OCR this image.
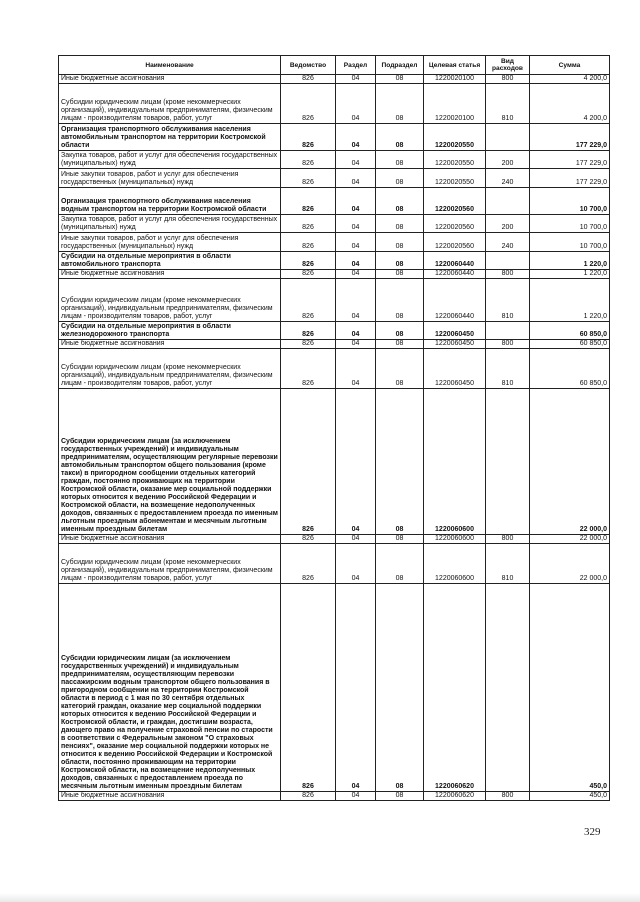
Наименование	Ведомство	Раздел	Подраздел	Целевая статья	Вид расходов	Сумма
Иные бюджетные ассигнования	826	04	08	1220020100	800	4 200,0
Субсидии юридическим лицам (кроме некоммерческих организаций), индивидуальным предпринимателям, физическим лицам - производителям товаров, работ, услуг	826	04	08	1220020100	810	4 200,0
Организация транспортного обслуживания населения автомобильным транспортом на территории Костромской области	826	04	08	1220020550		177 229,0
Закупка товаров, работ и услуг для обеспечения государственных (муниципальных) нужд	826	04	08	1220020550	200	177 229,0
Иные закупки товаров, работ и услуг для обеспечения государственных (муниципальных) нужд	826	04	08	1220020550	240	177 229,0
Организация транспортного обслуживания населения водным транспортом на территории Костромской области	826	04	08	1220020560		10 700,0
Закупка товаров, работ и услуг для обеспечения государственных (муниципальных) нужд	826	04	08	1220020560	200	10 700,0
Иные закупки товаров, работ и услуг для обеспечения государственных (муниципальных) нужд	826	04	08	1220020560	240	10 700,0
Субсидии на отдельные мероприятия в области автомобильного транспорта	826	04	08	1220060440		1 220,0
Иные бюджетные ассигнования	826	04	08	1220060440	800	1 220,0
Субсидии юридическим лицам (кроме некоммерческих организаций), индивидуальным предпринимателям, физическим лицам - производителям товаров, работ, услуг	826	04	08	1220060440	810	1 220,0
Субсидии на отдельные мероприятия в области железнодорожного транспорта	826	04	08	1220060450		60 850,0
Иные бюджетные ассигнования	826	04	08	1220060450	800	60 850,0
Субсидии юридическим лицам (кроме некоммерческих организаций), индивидуальным предпринимателям, физическим лицам - производителям товаров, работ, услуг	826	04	08	1220060450	810	60 850,0
Субсидии юридическим лицам (за исключением государственных учреждений) и индивидуальным предпринимателям, осуществляющим регулярные перевозки автомобильным транспортом общего пользования (кроме такси) в пригородном сообщении отдельных категорий граждан, постоянно проживающих на территории Костромской области, оказание мер социальной поддержки которых относится к ведению Российской Федерации и Костромской области, на возмещение недополученных доходов, связанных с предоставлением проезда по именным льготным проездным абонементам и месячным льготным именным проездным билетам	826	04	08	1220060600		22 000,0
Иные бюджетные ассигнования	826	04	08	1220060600	800	22 000,0
Субсидии юридическим лицам (кроме некоммерческих организаций), индивидуальным предпринимателям, физическим лицам - производителям товаров, работ, услуг	826	04	08	1220060600	810	22 000,0
Субсидии юридическим лицам (за исключением государственных учреждений) и индивидуальным предпринимателям, осуществляющим перевозки пассажирским водным транспортом общего пользования в пригородном сообщении на территории Костромской области в период с 1 мая по 30 сентября отдельных категорий граждан, оказание мер социальной поддержки которых относится к ведению Российской Федерации и Костромской области, и граждан, достигшим возраста, дающего право на получение страховой пенсии по старости в соответствии с Федеральным законом "О страховых пенсиях", оказание мер социальной поддержки которых не относится к ведению Российской Федерации и Костромской области, постоянно проживающим на территории Костромской области, на возмещение недополученных доходов, связанных с предоставлением проезда по месячным льготным именным проездным билетам	826	04	08	1220060620		450,0
Иные бюджетные ассигнования	826	04	08	1220060620	800	450,0
329
